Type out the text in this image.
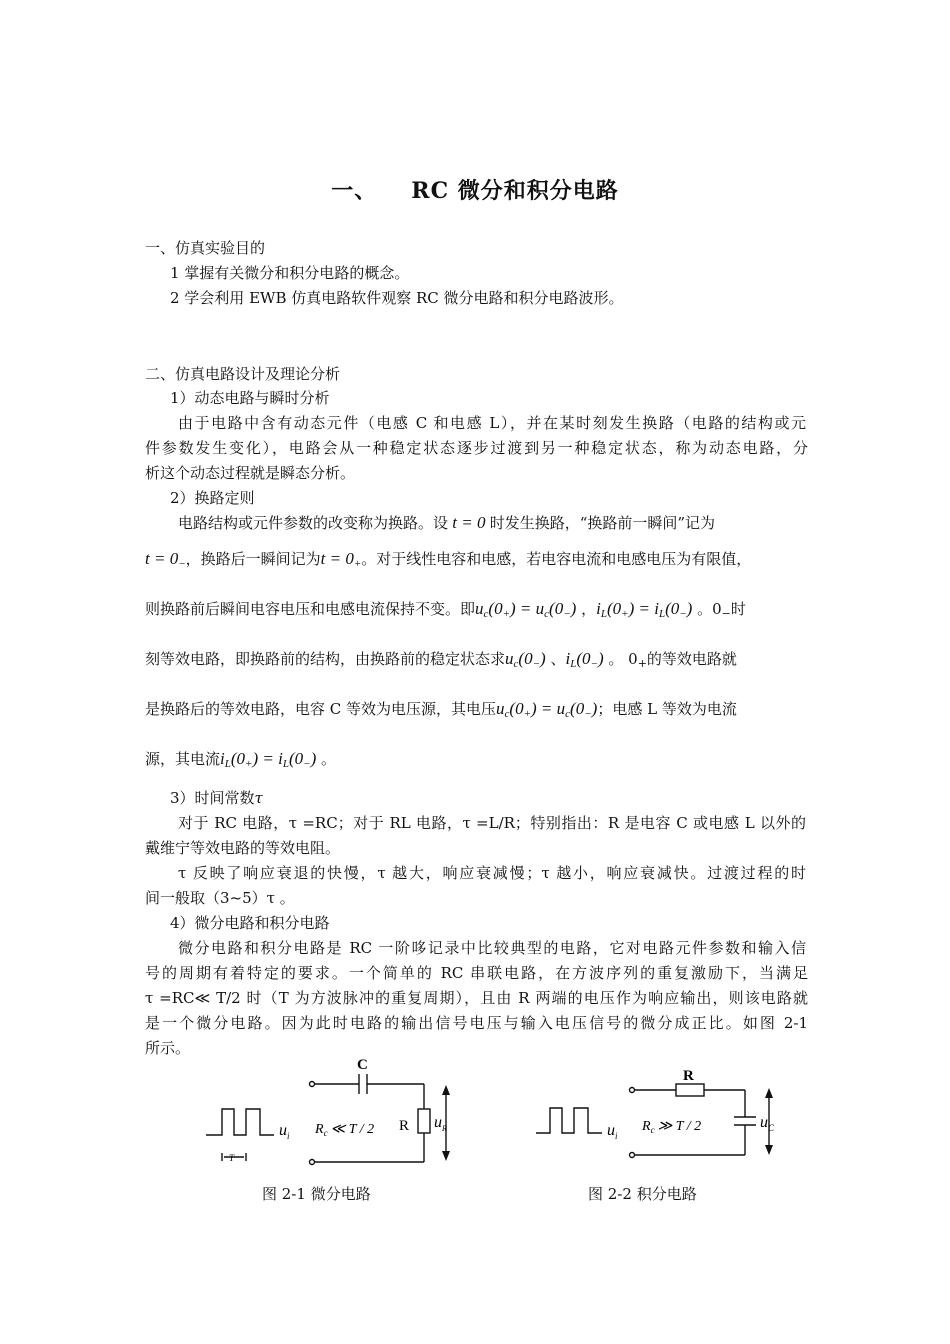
一、 RC 微分和积分电路
一、仿真实验目的
1 掌握有关微分和积分电路的概念。
2 学会利用 EWB 仿真电路软件观察 RC 微分电路和积分电路波形。
二、仿真电路设计及理论分析
1）动态电路与瞬时分析
由于电路中含有动态元件（电感 C 和电感 L），并在某时刻发生换路（电路的结构或元
件参数发生变化），电路会从一种稳定状态逐步过渡到另一种稳定状态，称为动态电路，分
析这个动态过程就是瞬态分析。
2）换路定则
电路结构或元件参数的改变称为换路。设 t = 0 时发生换路，“换路前一瞬间”记为
$t = 0_-$，换路后一瞬间记为$t = 0_+$。对于线性电容和电感，若电容电流和电感电压为有限值，
则换路前后瞬间电容电压和电感电流保持不变。即$u_c(0_+) = u_c(0_-)$ ，$i_L(0_+) = i_L(0_-)$ 。$0_-$时
刻等效电路，即换路前的结构，由换路前的稳定状态求$u_c(0_-)$ 、$i_L(0_-)$ 。 $0_+$的等效电路就
是换路后的等效电路，电容 C 等效为电压源，其电压$u_c(0_+) = u_c(0_-)$；电感 L 等效为电流
源，其电流$i_L(0_+) = i_L(0_-)$ 。
3）时间常数τ
对于 RC 电路，τ =RC；对于 RL 电路，τ =L/R；特别指出：R 是电容 C 或电感 L 以外的
戴维宁等效电路的等效电阻。
τ 反映了响应衰退的快慢，τ 越大，响应衰减慢；τ 越小，响应衰减快。过渡过程的时
间一般取（3~5）τ 。
4）微分电路和积分电路
微分电路和积分电路是 RC 一阶哆记录中比较典型的电路，它对电路元件参数和输入信
号的周期有着特定的要求。一个简单的 RC 串联电路，在方波序列的重复激励下，当满足
τ =RC≪ T/2 时（T 为方波脉冲的重复周期），且由 R 两端的电压作为响应输出，则该电路就
是一个微分电路。因为此时电路的输出信号电压与输入电压信号的微分成正比。如图 2-1
所示。
C
R
$R_c$ ≪ T / 2
$u_i$
$u_R$
T
R
$R_c$ ≫ T / 2
$u_i$
$u_C$
图 2-1 微分电路	图 2-2 积分电路
